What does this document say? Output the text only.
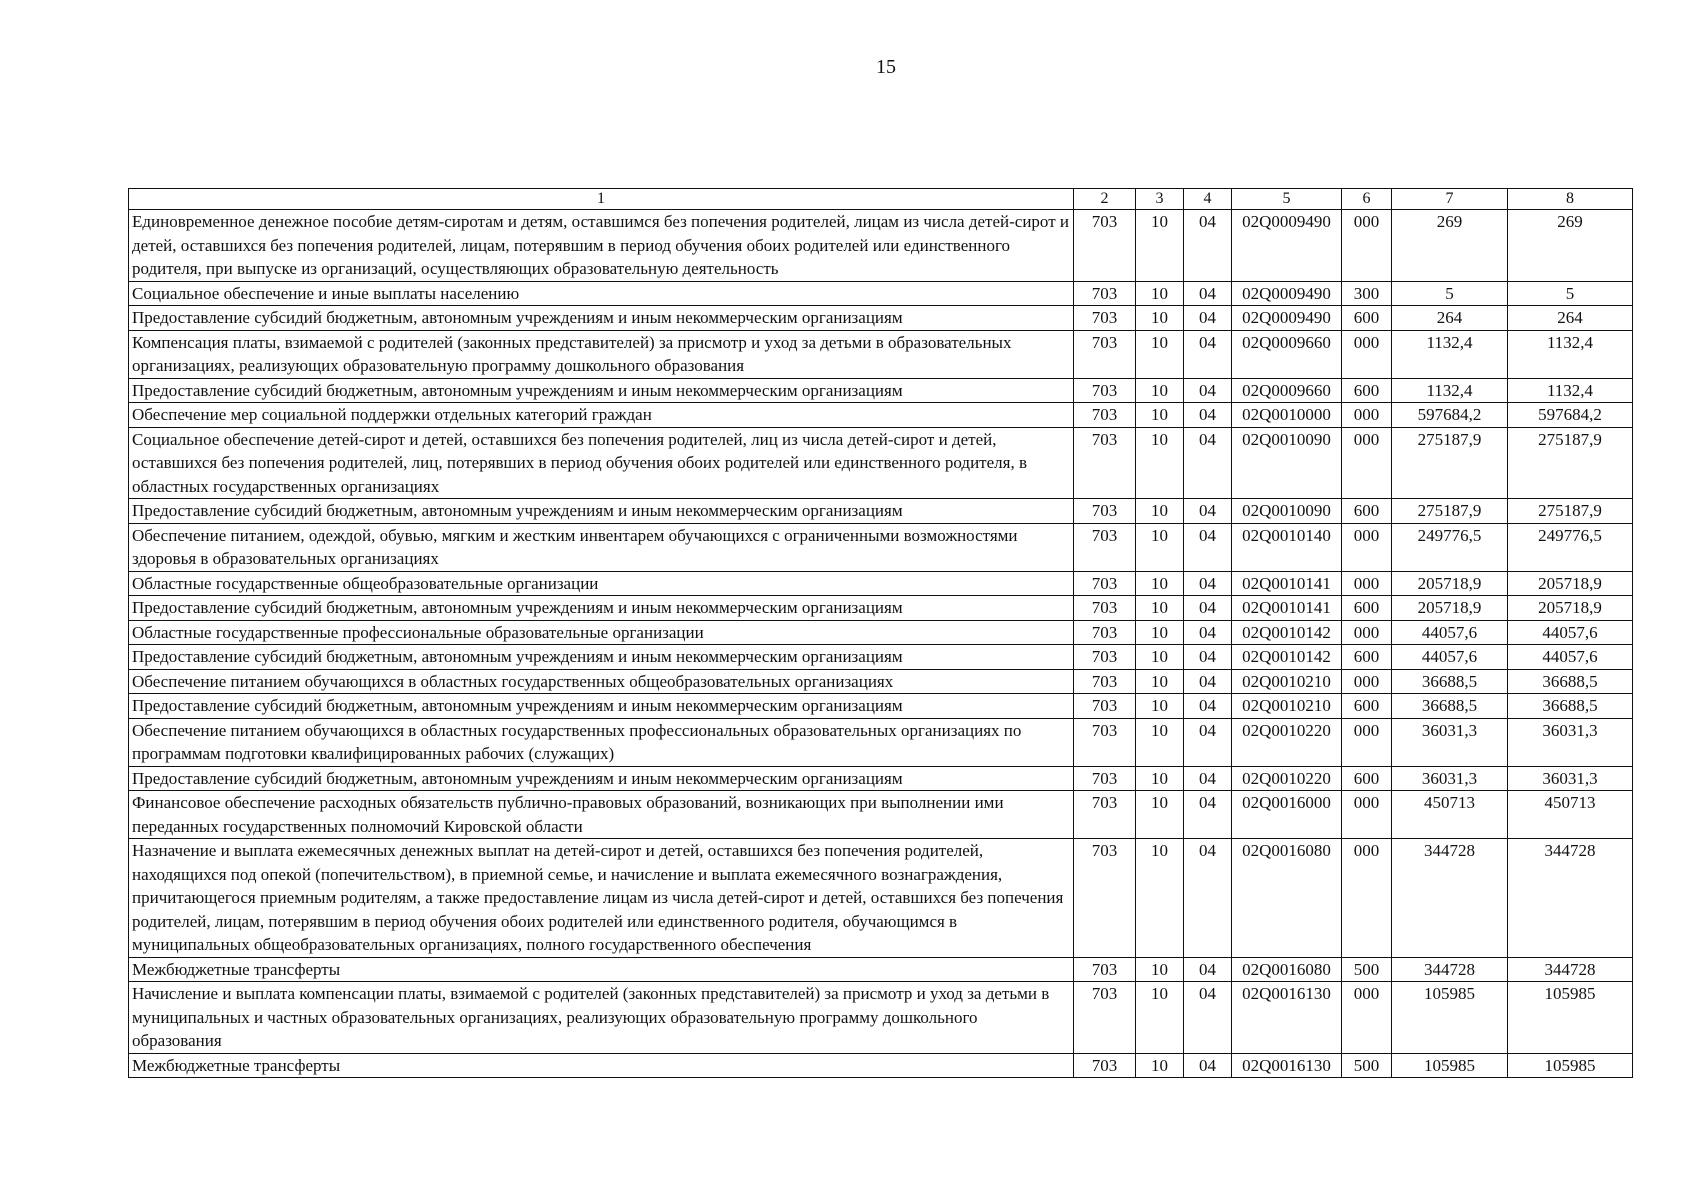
15
1	2	3	4	5	6	7	8
Единовременное денежное пособие детям-сиротам и детям, оставшимся без попечения родителей, лицам из числа детей-сирот и детей, оставшихся без попечения родителей, лицам, потерявшим в период обучения обоих родителей или единственного родителя, при выпуске из организаций, осуществляющих образовательную деятельность	703	10	04	02Q0009490	000	269	269
Социальное обеспечение и иные выплаты населению	703	10	04	02Q0009490	300	5	5
Предоставление субсидий бюджетным, автономным учреждениям и иным некоммерческим организациям	703	10	04	02Q0009490	600	264	264
Компенсация платы, взимаемой с родителей (законных представителей) за присмотр и уход за детьми в образовательных организациях, реализующих образовательную программу дошкольного образования	703	10	04	02Q0009660	000	1132,4	1132,4
Предоставление субсидий бюджетным, автономным учреждениям и иным некоммерческим организациям	703	10	04	02Q0009660	600	1132,4	1132,4
Обеспечение мер социальной поддержки отдельных категорий граждан	703	10	04	02Q0010000	000	597684,2	597684,2
Социальное обеспечение детей-сирот и детей, оставшихся без попечения родителей, лиц из числа детей-сирот и детей, оставшихся без попечения родителей, лиц, потерявших в период обучения обоих родителей или единственного родителя, в областных государственных организациях	703	10	04	02Q0010090	000	275187,9	275187,9
Предоставление субсидий бюджетным, автономным учреждениям и иным некоммерческим организациям	703	10	04	02Q0010090	600	275187,9	275187,9
Обеспечение питанием, одеждой, обувью, мягким и жестким инвентарем обучающихся с ограниченными возможностями здоровья в образовательных организациях	703	10	04	02Q0010140	000	249776,5	249776,5
Областные государственные общеобразовательные организации	703	10	04	02Q0010141	000	205718,9	205718,9
Предоставление субсидий бюджетным, автономным учреждениям и иным некоммерческим организациям	703	10	04	02Q0010141	600	205718,9	205718,9
Областные государственные профессиональные образовательные организации	703	10	04	02Q0010142	000	44057,6	44057,6
Предоставление субсидий бюджетным, автономным учреждениям и иным некоммерческим организациям	703	10	04	02Q0010142	600	44057,6	44057,6
Обеспечение питанием обучающихся в областных государственных общеобразовательных организациях	703	10	04	02Q0010210	000	36688,5	36688,5
Предоставление субсидий бюджетным, автономным учреждениям и иным некоммерческим организациям	703	10	04	02Q0010210	600	36688,5	36688,5
Обеспечение питанием обучающихся в областных государственных профессиональных образовательных организациях по программам подготовки квалифицированных рабочих (служащих)	703	10	04	02Q0010220	000	36031,3	36031,3
Предоставление субсидий бюджетным, автономным учреждениям и иным некоммерческим организациям	703	10	04	02Q0010220	600	36031,3	36031,3
Финансовое обеспечение расходных обязательств публично-правовых образований, возникающих при выполнении ими переданных государственных полномочий Кировской области	703	10	04	02Q0016000	000	450713	450713
Назначение и выплата ежемесячных денежных выплат на детей-сирот и детей, оставшихся без попечения родителей, находящихся под опекой (попечительством), в приемной семье, и начисление и выплата ежемесячного вознаграждения, причитающегося приемным родителям, а также предоставление лицам из числа детей-сирот и детей, оставшихся без попечения родителей, лицам, потерявшим в период обучения обоих родителей или единственного родителя, обучающимся в муниципальных общеобразовательных организациях, полного государственного обеспечения	703	10	04	02Q0016080	000	344728	344728
Межбюджетные трансферты	703	10	04	02Q0016080	500	344728	344728
Начисление и выплата компенсации платы, взимаемой с родителей (законных представителей) за присмотр и уход за детьми в муниципальных и частных образовательных организациях, реализующих образовательную программу дошкольного образования	703	10	04	02Q0016130	000	105985	105985
Межбюджетные трансферты	703	10	04	02Q0016130	500	105985	105985
